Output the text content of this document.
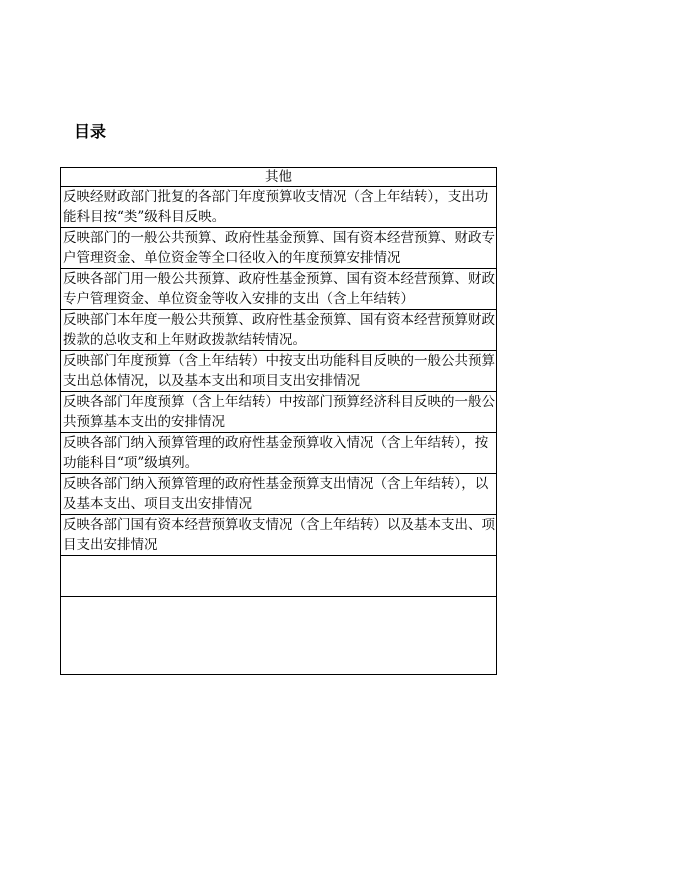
目录
其他

反映经财政部门批复的各部门年度预算收支情况（含上年结转），支出功能科目按“类”级科目反映。

反映部门的一般公共预算、政府性基金预算、国有资本经营预算、财政专户管理资金、单位资金等全口径收入的年度预算安排情况

反映各部门用一般公共预算、政府性基金预算、国有资本经营预算、财政专户管理资金、单位资金等收入安排的支出（含上年结转）

反映部门本年度一般公共预算、政府性基金预算、国有资本经营预算财政拨款的总收支和上年财政拨款结转情况。

反映部门年度预算（含上年结转）中按支出功能科目反映的一般公共预算支出总体情况，以及基本支出和项目支出安排情况

反映各部门年度预算（含上年结转）中按部门预算经济科目反映的一般公共预算基本支出的安排情况

反映各部门纳入预算管理的政府性基金预算收入情况（含上年结转），按功能科目“项”级填列。

反映各部门纳入预算管理的政府性基金预算支出情况（含上年结转），以及基本支出、项目支出安排情况

反映各部门国有资本经营预算收支情况（含上年结转）以及基本支出、项目支出安排情况
